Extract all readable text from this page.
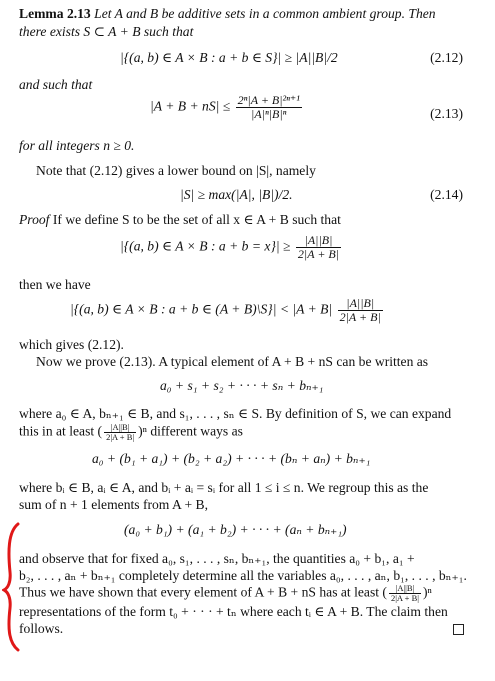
Lemma 2.13 Let A and B be additive sets in a common ambient group. Then
there exists S ⊂ A + B such that
|{(a, b) ∈ A × B : a + b ∈ S}| ≥ |A||B|/2	(2.12)
and such that
$|A + B + nS| \le \frac{\text{2ⁿ|A + B|²ⁿ⁺¹}}{\text{|A|ⁿ|B|ⁿ}}$	(2.13)
for all integers n ≥ 0.
Note that (2.12) gives a lower bound on |S|, namely
|S| ≥ max(|A|, |B|)/2.	(2.14)
Proof If we define S to be the set of all x ∈ A + B such that
|{(a, b) ∈ A × B : $a + b = x\}| \ge \frac{|A||B|}{2|A + B|}$
then we have
|{(a, b) ∈ A × B : a + b ∈ (A + B)\S}| < $|A + B| \frac{|A||B|}{2|A + B|}$
which gives (2.12).
Now we prove (2.13). A typical element of A + B + nS can be written as
a₀ + s₁ + s₂ + · · · + sₙ + bₙ₊₁
where a₀ ∈ A, bₙ₊₁ ∈ B, and s₁, . . . , sₙ ∈ S. By definition of S, we can expand
this in at least ( $\frac{|A||B|}{2|A + B|} )^n$ different ways as
a₀ + (b₁ + a₁) + (b₂ + a₂) + · · · + (bₙ + aₙ) + bₙ₊₁
where bᵢ ∈ B, aᵢ ∈ A, and bᵢ + aᵢ = sᵢ for all 1 ≤ i ≤ n. We regroup this as the
sum of n + 1 elements from A + B,
(a₀ + b₁) + (a₁ + b₂) + · · · + (aₙ + bₙ₊₁)
and observe that for fixed a₀, s₁, . . . , sₙ, bₙ₊₁, the quantities a₀ + b₁, a₁ +
b₂, . . . , aₙ + bₙ₊₁ completely determine all the variables a₀, . . . , aₙ, b₁, . . . , bₙ₊₁.
Thus we have shown that every element of A + B + nS has at least ( $\frac{|A||B|}{2|A + B|} )^n$
representations of the form t₀ + · · · + tₙ where each tᵢ ∈ A + B. The claim then
follows.
